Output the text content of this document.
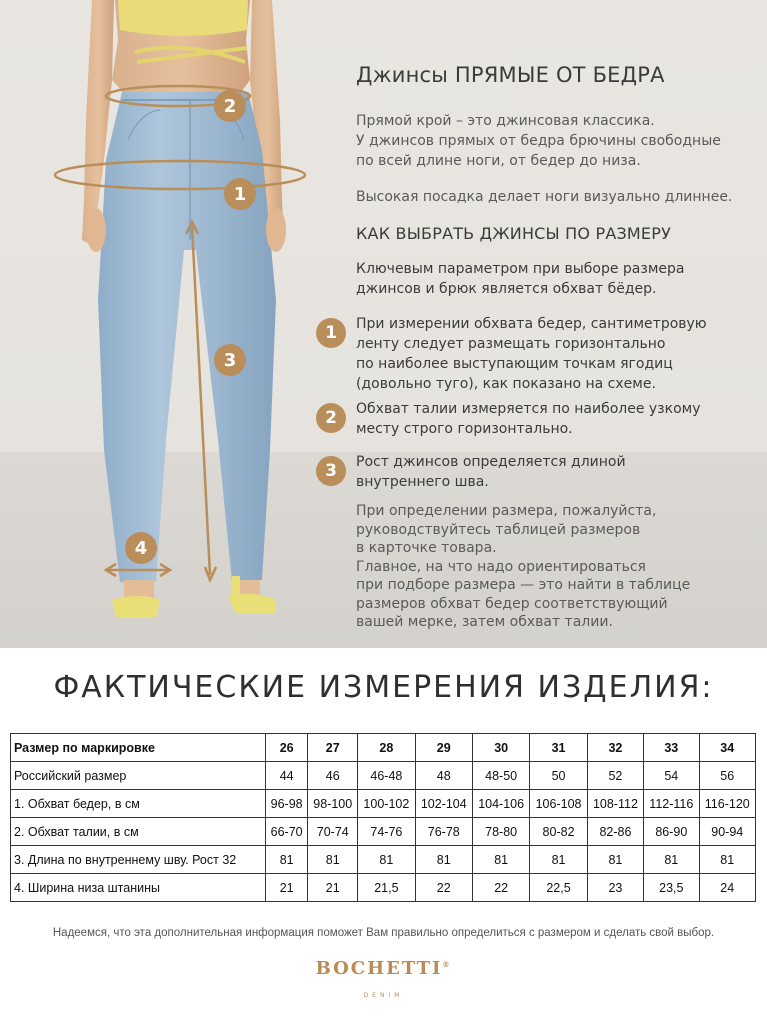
2
1
3
4

Джинсы ПРЯМЫЕ ОТ БЕДРА

Прямой крой – это джинсовая классика.
У джинсов прямых от бедра брючины свободные
по всей длине ноги, от бедер до низа.

Высокая посадка делает ноги визуально длиннее.

КАК ВЫБРАТЬ ДЖИНСЫ ПО РАЗМЕРУ

Ключевым параметром при выборе размера
джинсов и брюк является обхват бёдер.

1	При измерении обхвата бедер, сантиметровую
ленту следует размещать горизонтально
по наиболее выступающим точкам ягодиц
(довольно туго), как показано на схеме.

2	Обхват талии измеряется по наиболее узкому
месту строго горизонтально.

3	Рост джинсов определяется длиной
внутреннего шва.

При определении размера, пожалуйста,
руководствуйтесь таблицей размеров
в карточке товара.
Главное, на что надо ориентироваться
при подборе размера — это найти в таблице
размеров обхват бедер соответствующий
вашей мерке, затем обхват талии.

ФАКТИЧЕСКИЕ ИЗМЕРЕНИЯ ИЗДЕЛИЯ:
Размер по маркировке	26	27	28	29	30	31	32	33	34
Российский размер	44	46	46-48	48	48-50	50	52	54	56
1. Обхват бедер, в см	96-98	98-100	100-102	102-104	104-106	106-108	108-112	112-116	116-120
2. Обхват талии, в см	66-70	70-74	74-76	76-78	78-80	80-82	82-86	86-90	90-94
3. Длина по внутреннему шву. Рост 32	81	81	81	81	81	81	81	81	81
4. Ширина низа штанины	21	21	21,5	22	22	22,5	23	23,5	24

Надеемся, что эта дополнительная информация поможет Вам правильно определиться с размером и сделать свой выбор.

BOCHETTI®

DENIM
